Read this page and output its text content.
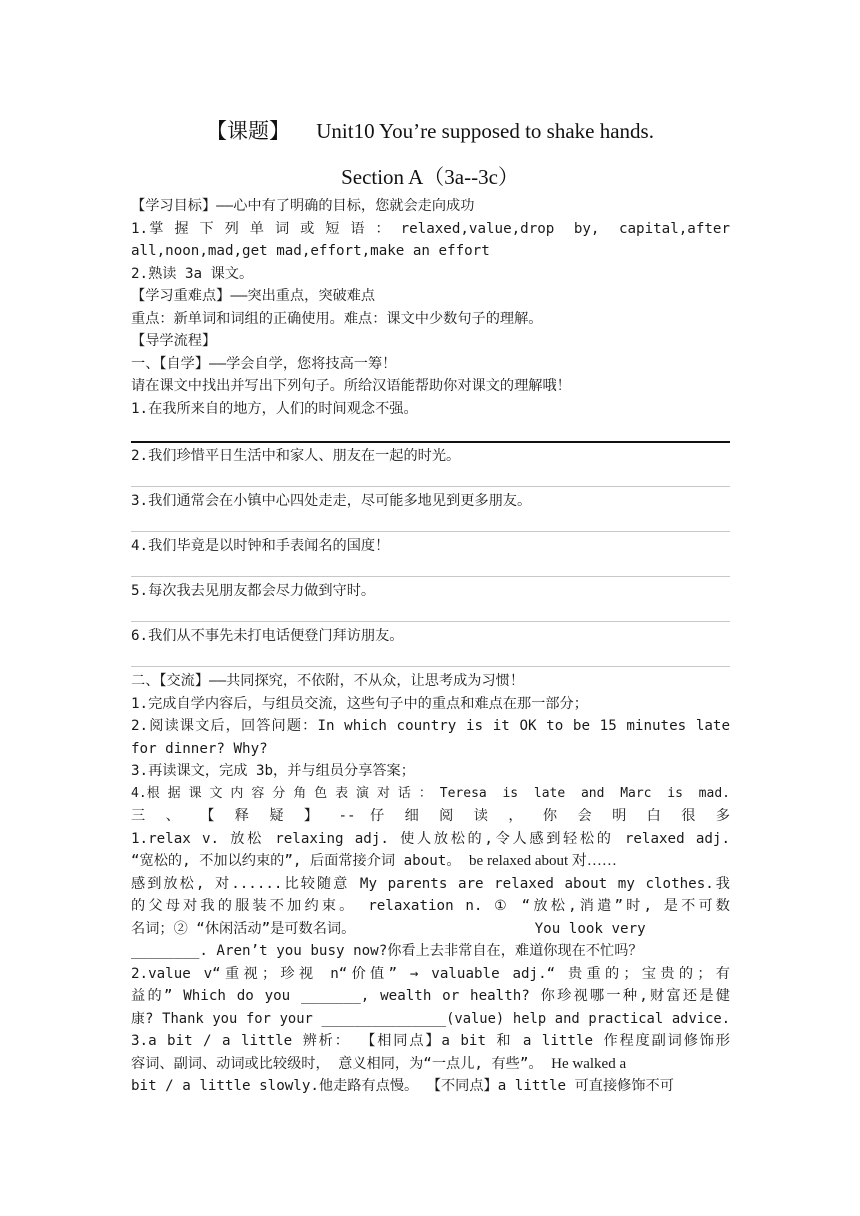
【课题】     Unit10 You’re supposed to shake hands.
Section A（3a--3c）
【学习目标】——心中有了明确的目标，您就会走向成功
1.掌 握 下 列 单 词 或 短 语 ： relaxed,value,drop  by,  capital,after
all,noon,mad,get mad,effort,make an effort
2.熟读 3a 课文。
【学习重难点】——突出重点，突破难点
重点：新单词和词组的正确使用。难点：课文中少数句子的理解。
【导学流程】
一、【自学】——学会自学，您将技高一筹！
请在课文中找出并写出下列句子。所给汉语能帮助你对课文的理解哦！
1.在我所来自的地方，人们的时间观念不强。
2.我们珍惜平日生活中和家人、朋友在一起的时光。
3.我们通常会在小镇中心四处走走，尽可能多地见到更多朋友。
4.我们毕竟是以时钟和手表闻名的国度！
5.每次我去见朋友都会尽力做到守时。
6.我们从不事先未打电话便登门拜访朋友。
二、【交流】——共同探究，不依附，不从众，让思考成为习惯！
1.完成自学内容后，与组员交流，这些句子中的重点和难点在那一部分；
2.阅读课文后，回答问题：In which country is it OK to be 15 minutes late
for dinner? Why?
3.再读课文，完成 3b，并与组员分享答案；
4.根 据 课 文 内 容 分 角 色 表 演 对 话 ： Teresa  is  late  and  Marc  is  mad.
三 、 【 释 疑 】 -- 仔 细 阅 读 ， 你 会 明 白 很 多
1.relax v. 放松 relaxing adj. 使人放松的,令人感到轻松的 relaxed adj.
“宽松的, 不加以约束的”, 后面常接介词 about。 be relaxed about 对……
感到放松, 对......比较随意 My parents are relaxed about my clothes.我
的父母对我的服装不加约束。 relaxation n. ① “放松,消遣”时, 是不可数
名词；② “休闲活动”是可数名词。                     You look very
________. Aren’t you busy now?你看上去非常自在，难道你现在不忙吗？
2.value v“重视；珍视 n“价值” → valuable adj.“ 贵重的；宝贵的；有
益的” Which do you _______, wealth or health? 你珍视哪一种,财富还是健
康? Thank you for your _______________(value) help and practical advice.
3.a bit / a little 辨析： 【相同点】a bit 和 a little 作程度副词修饰形
容词、副词、动词或比较级时， 意义相同，为“一点儿, 有些”。 He walked a
bit / a little slowly.他走路有点慢。 【不同点】a little 可直接修饰不可
